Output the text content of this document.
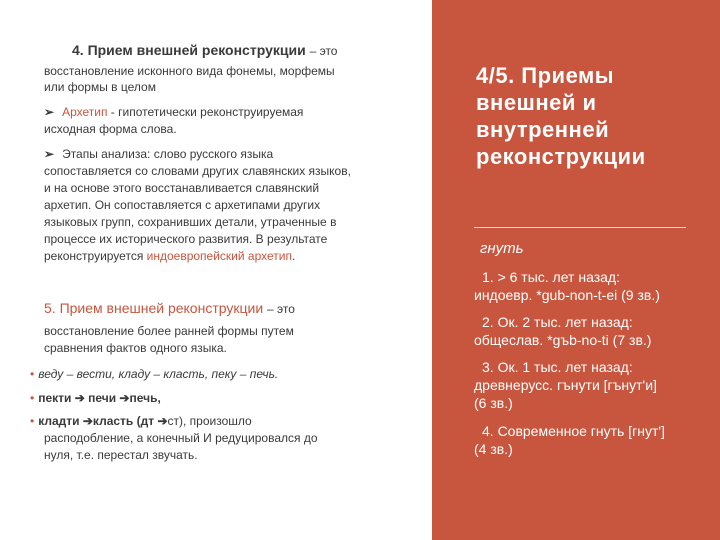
4. Прием внешней реконструкции – это
восстановление исконного вида фонемы, морфемы
или формы в целом
➢ Архетип - гипотетически реконструируемая
исходная форма слова.
➢ Этапы анализа: слово русского языка
сопоставляется со словами других славянских языков,
и на основе этого восстанавливается славянский
архетип. Он сопоставляется с архетипами других
языковых групп, сохранивших детали, утраченные в
процессе их исторического развития. В результате
реконструируется индоевропейский архетип.
5. Прием внешней реконструкции – это
восстановление более ранней формы путем
сравнения фактов одного языка.
• веду – вести, кладу – класть, пеку – печь.
• пекти ➔ печи ➔печь,
• кладти ➔класть (дт ➔ст), произошло
расподобление, а конечный И редуцировался до
нуля, т.е. перестал звучать.
4/5. Приемы
внешней и
внутренней
реконструкции
гнуть
1. > 6 тыс. лет назад:
индоевр. *gub-non-t-ei (9 зв.)
2. Ок. 2 тыс. лет назад:
общеслав. *gъb-no-ti (7 зв.)
3. Ок. 1 тыс. лет назад:
древнерусс. гънути [гънут'и]
(6 зв.)
4. Современное гнуть [гнут']
(4 зв.)
